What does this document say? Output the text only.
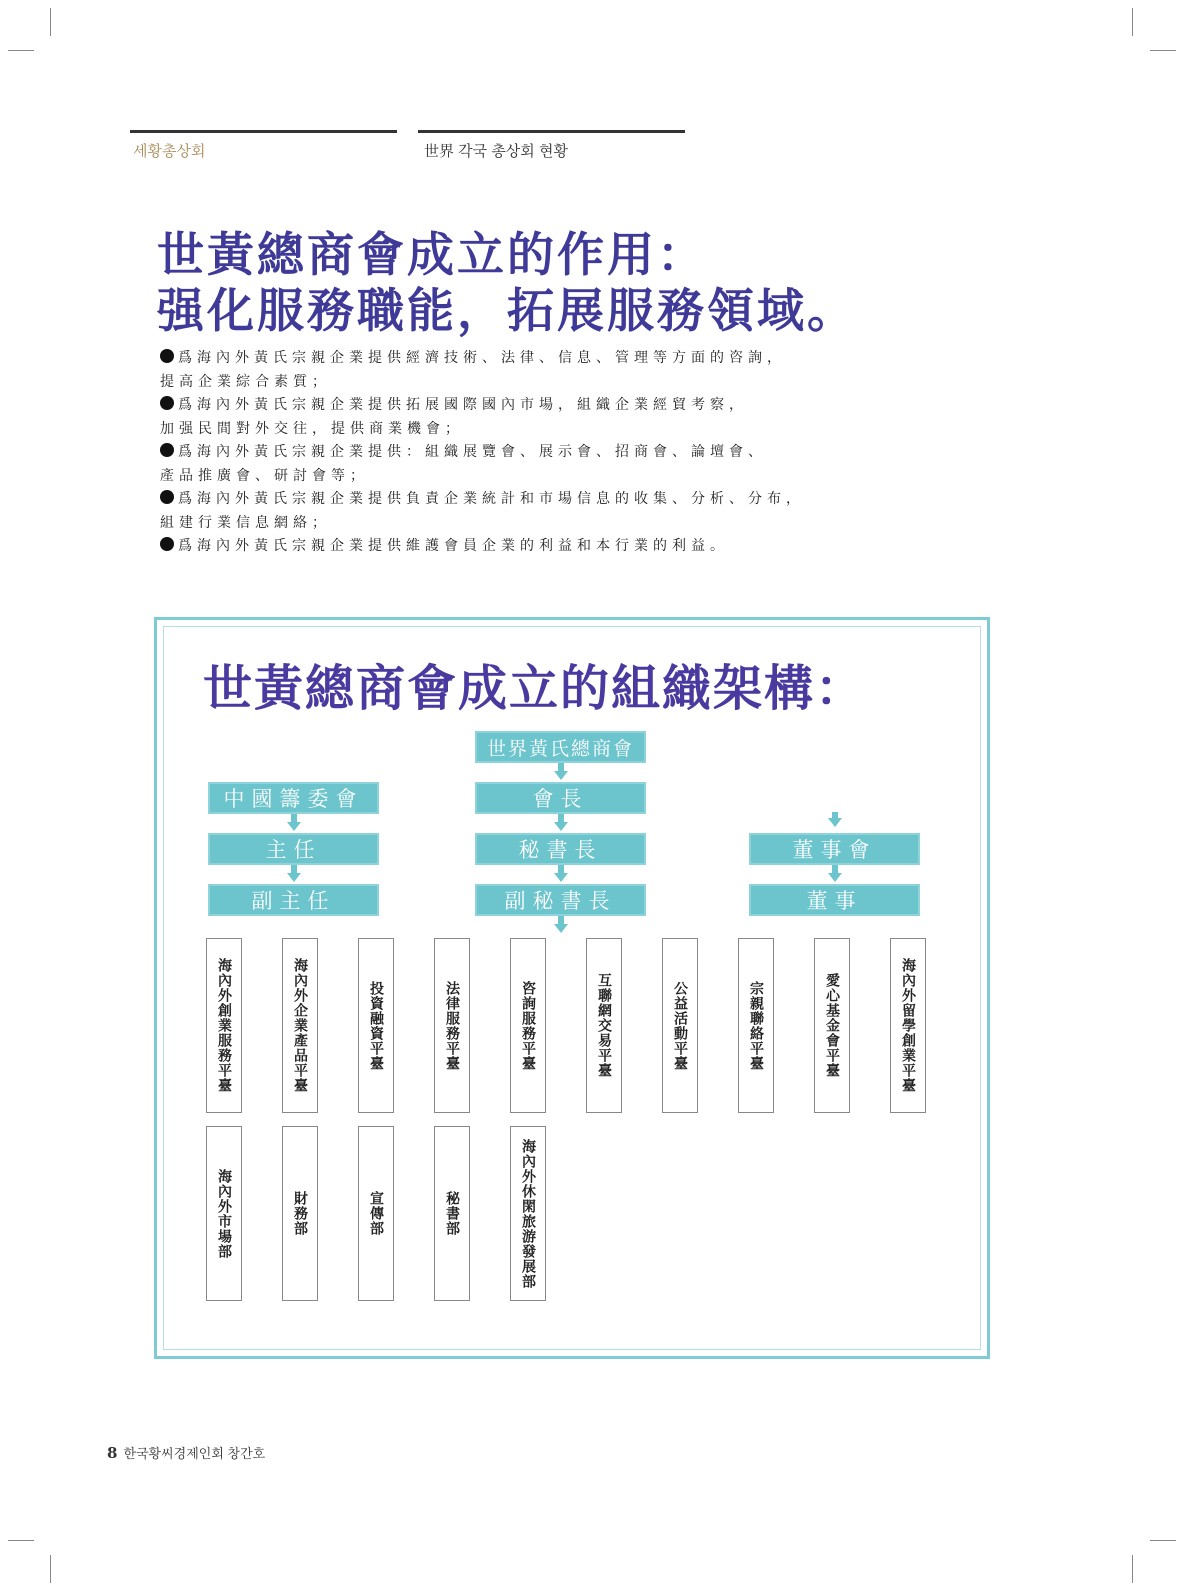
세황총상회	世界 각국 총상회 현황
世黃總商會成立的作用：
强化服務職能，拓展服務領域。
爲海內外黃氏宗親企業提供經濟技術、法律、信息、管理等方面的咨詢，
提高企業綜合素質；
爲海內外黃氏宗親企業提供拓展國際國內市場，組織企業經貿考察，
加强民間對外交往，提供商業機會；
爲海內外黃氏宗親企業提供：組織展覽會、展示會、招商會、論壇會、
產品推廣會、研討會等；
爲海內外黃氏宗親企業提供負責企業統計和市場信息的收集、分析、分布，
組建行業信息網絡；
爲海內外黃氏宗親企業提供維護會員企業的利益和本行業的利益。
世黃總商會成立的組織架構：
世界黃氏總商會
會長
秘書長
副秘書長
中國籌委會
主任
副主任
董事會
董事
海內外創業服務平臺	海內外企業產品平臺	投資融資平臺	法律服務平臺	咨詢服務平臺	互聯網交易平臺	公益活動平臺	宗親聯絡平臺	愛心基金會平臺	海內外留學創業平臺
海內外市場部	財務部	宣傳部	秘書部	海內外休閑旅游發展部
8 한국황씨경제인회 창간호
